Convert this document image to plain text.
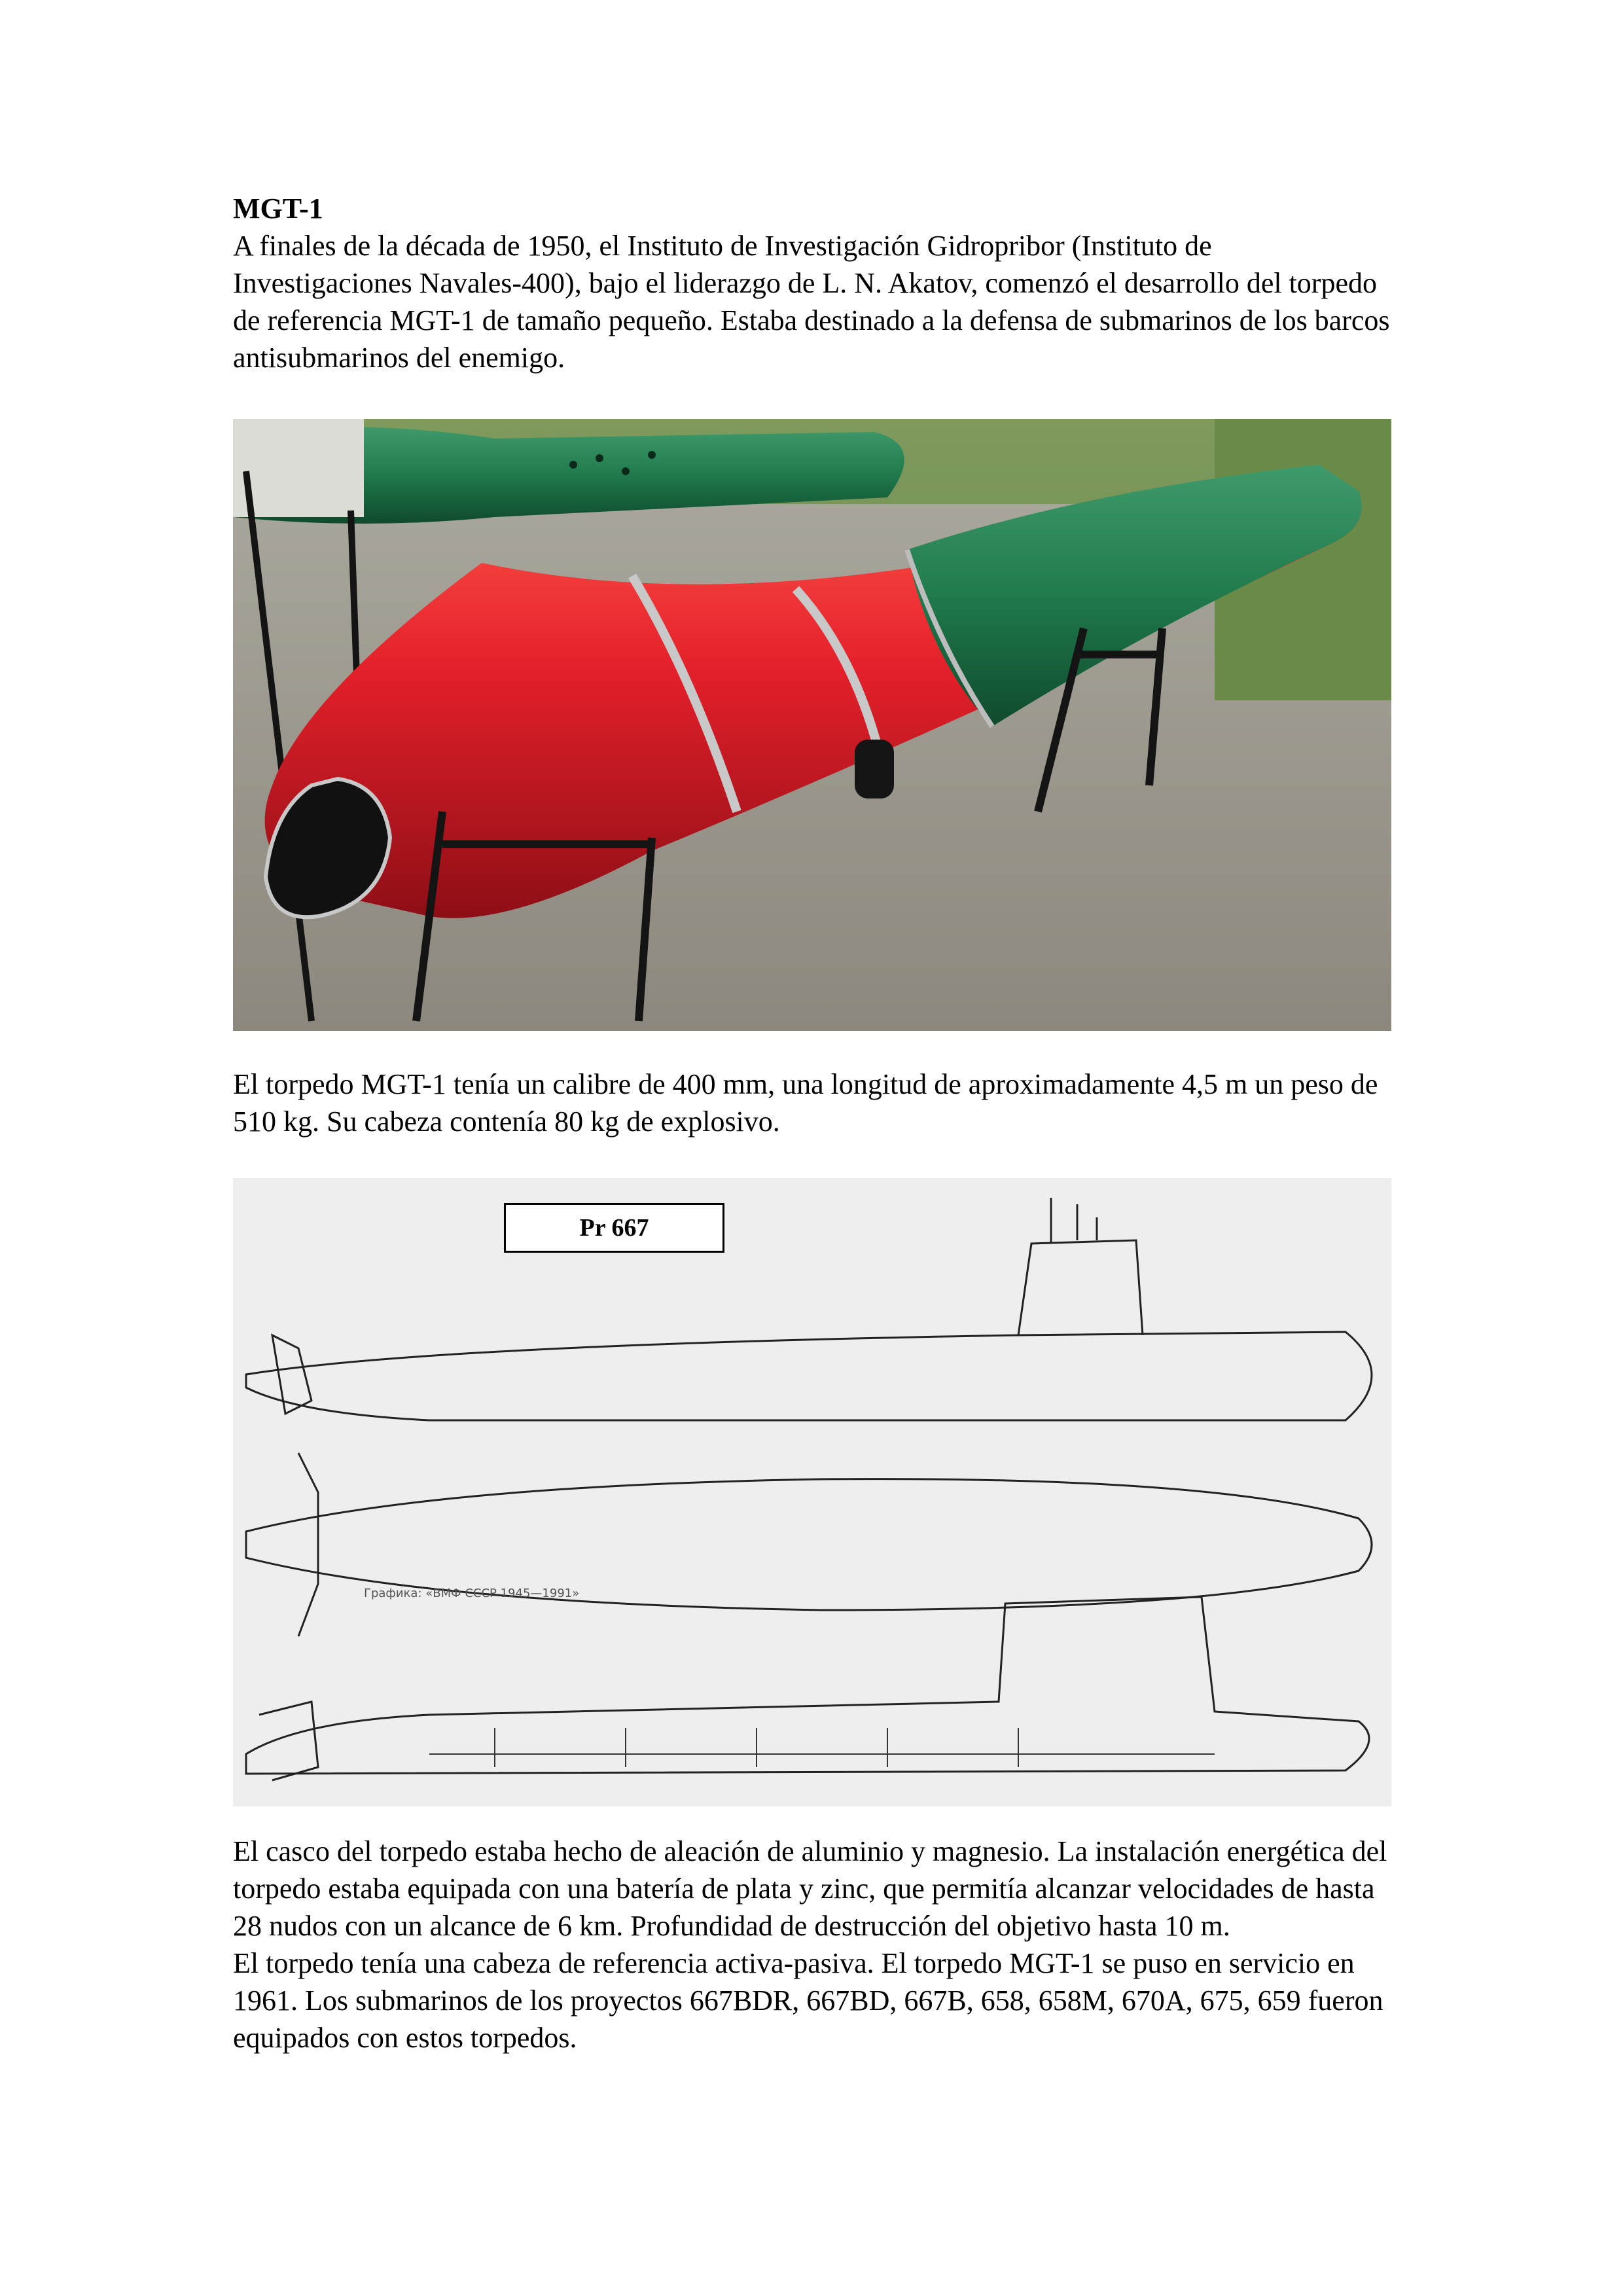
MGT-1

A finales de la década de 1950, el Instituto de Investigación Gidropribor (Instituto de Investigaciones Navales-400), bajo el liderazgo de L. N. Akatov, comenzó el desarrollo del torpedo de referencia MGT-1 de tamaño pequeño. Estaba destinado a la defensa de submarinos de los barcos antisubmarinos del enemigo.

El torpedo MGT-1 tenía un calibre de 400 mm, una longitud de aproximadamente 4,5 m un peso de 510 kg. Su cabeza contenía 80 kg de explosivo.
Графика: «ВМФ СССР 1945—1991»
Pr 667

El casco del torpedo estaba hecho de aleación de aluminio y magnesio. La instalación energética del torpedo estaba equipada con una batería de plata y zinc, que permitía alcanzar velocidades de hasta 28 nudos con un alcance de 6 km. Profundidad de destrucción del objetivo hasta 10 m.

El torpedo tenía una cabeza de referencia activa-pasiva. El torpedo MGT-1 se puso en servicio en 1961. Los submarinos de los proyectos 667BDR, 667BD, 667B, 658, 658M, 670A, 675, 659 fueron equipados con estos torpedos.
